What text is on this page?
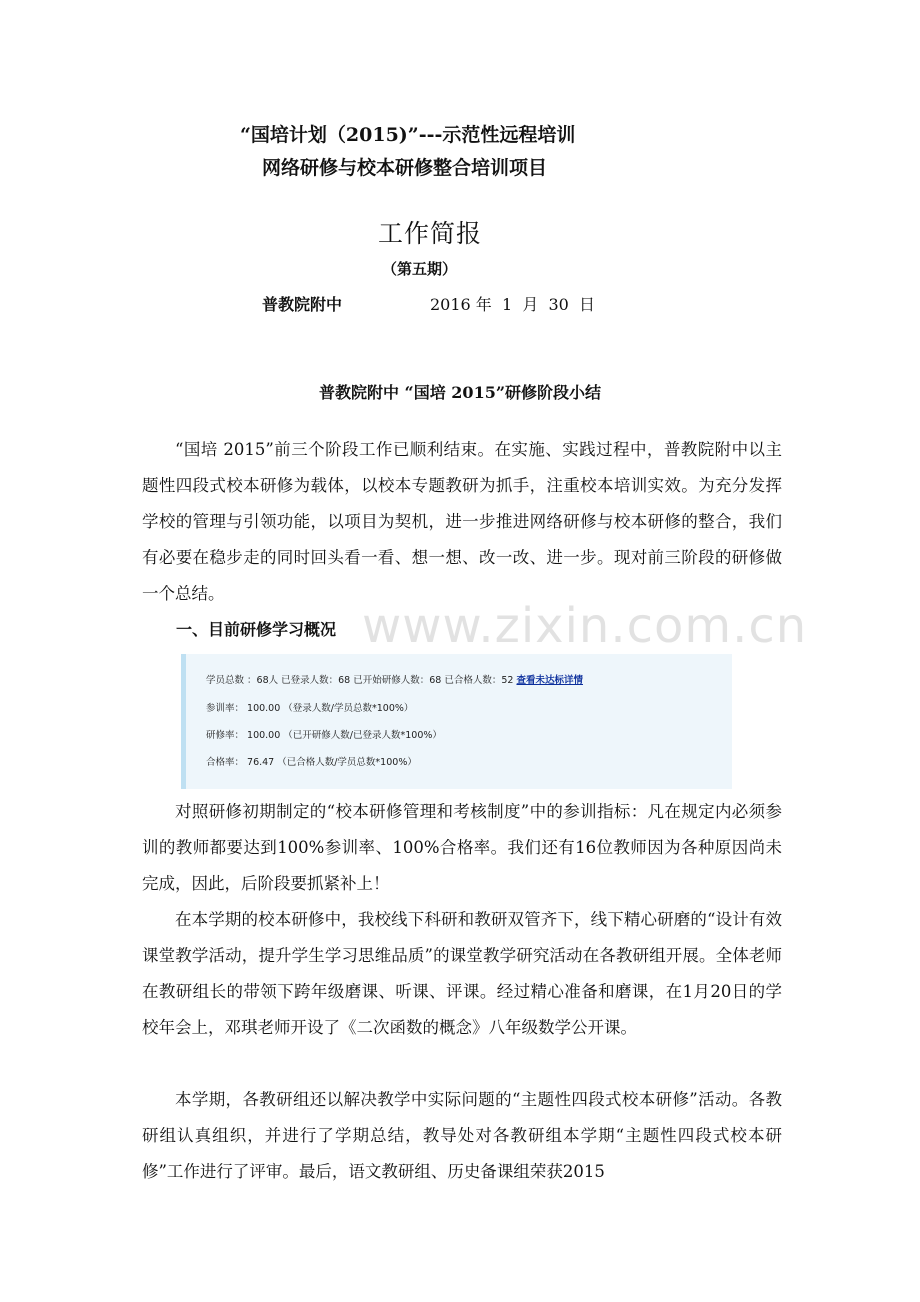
“国培计划（2015)”---示范性远程培训
网络研修与校本研修整合培训项目
工作简报
（第五期）
普教院附中	2016 年  1  月  30  日
普教院附中 “国培 2015”研修阶段小结

“国培 2015”前三个阶段工作已顺利结束。在实施、实践过程中，普教院附中以主题性四段式校本研修为载体，以校本专题教研为抓手，注重校本培训实效。为充分发挥学校的管理与引领功能，以项目为契机，进一步推进网络研修与校本研修的整合，我们有必要在稳步走的同时回头看一看、想一想、改一改、进一步。现对前三阶段的研修做一个总结。

一、目前研修学习概况 www.zixin.com.cn
学员总数 ：68人 已登录人数：68 已开始研修人数：68 已合格人数：52 查看未达标详情
参训率： 100.00 （登录人数/学员总数*100%）
研修率： 100.00 （已开研修人数/已登录人数*100%）
合格率： 76.47 （已合格人数/学员总数*100%）

对照研修初期制定的“校本研修管理和考核制度”中的参训指标：凡在规定内必须参训的教师都要达到100%参训率、100%合格率。我们还有16位教师因为各种原因尚未完成，因此，后阶段要抓紧补上！

在本学期的校本研修中，我校线下科研和教研双管齐下，线下精心研磨的“设计有效课堂教学活动，提升学生学习思维品质”的课堂教学研究活动在各教研组开展。全体老师在教研组长的带领下跨年级磨课、听课、评课。经过精心准备和磨课，在1月20日的学校年会上，邓琪老师开设了《二次函数的概念》八年级数学公开课。

本学期，各教研组还以解决教学中实际问题的“主题性四段式校本研修”活动。各教研组认真组织，并进行了学期总结，教导处对各教研组本学期“主题性四段式校本研修”工作进行了评审。最后，语文教研组、历史备课组荣获2015
